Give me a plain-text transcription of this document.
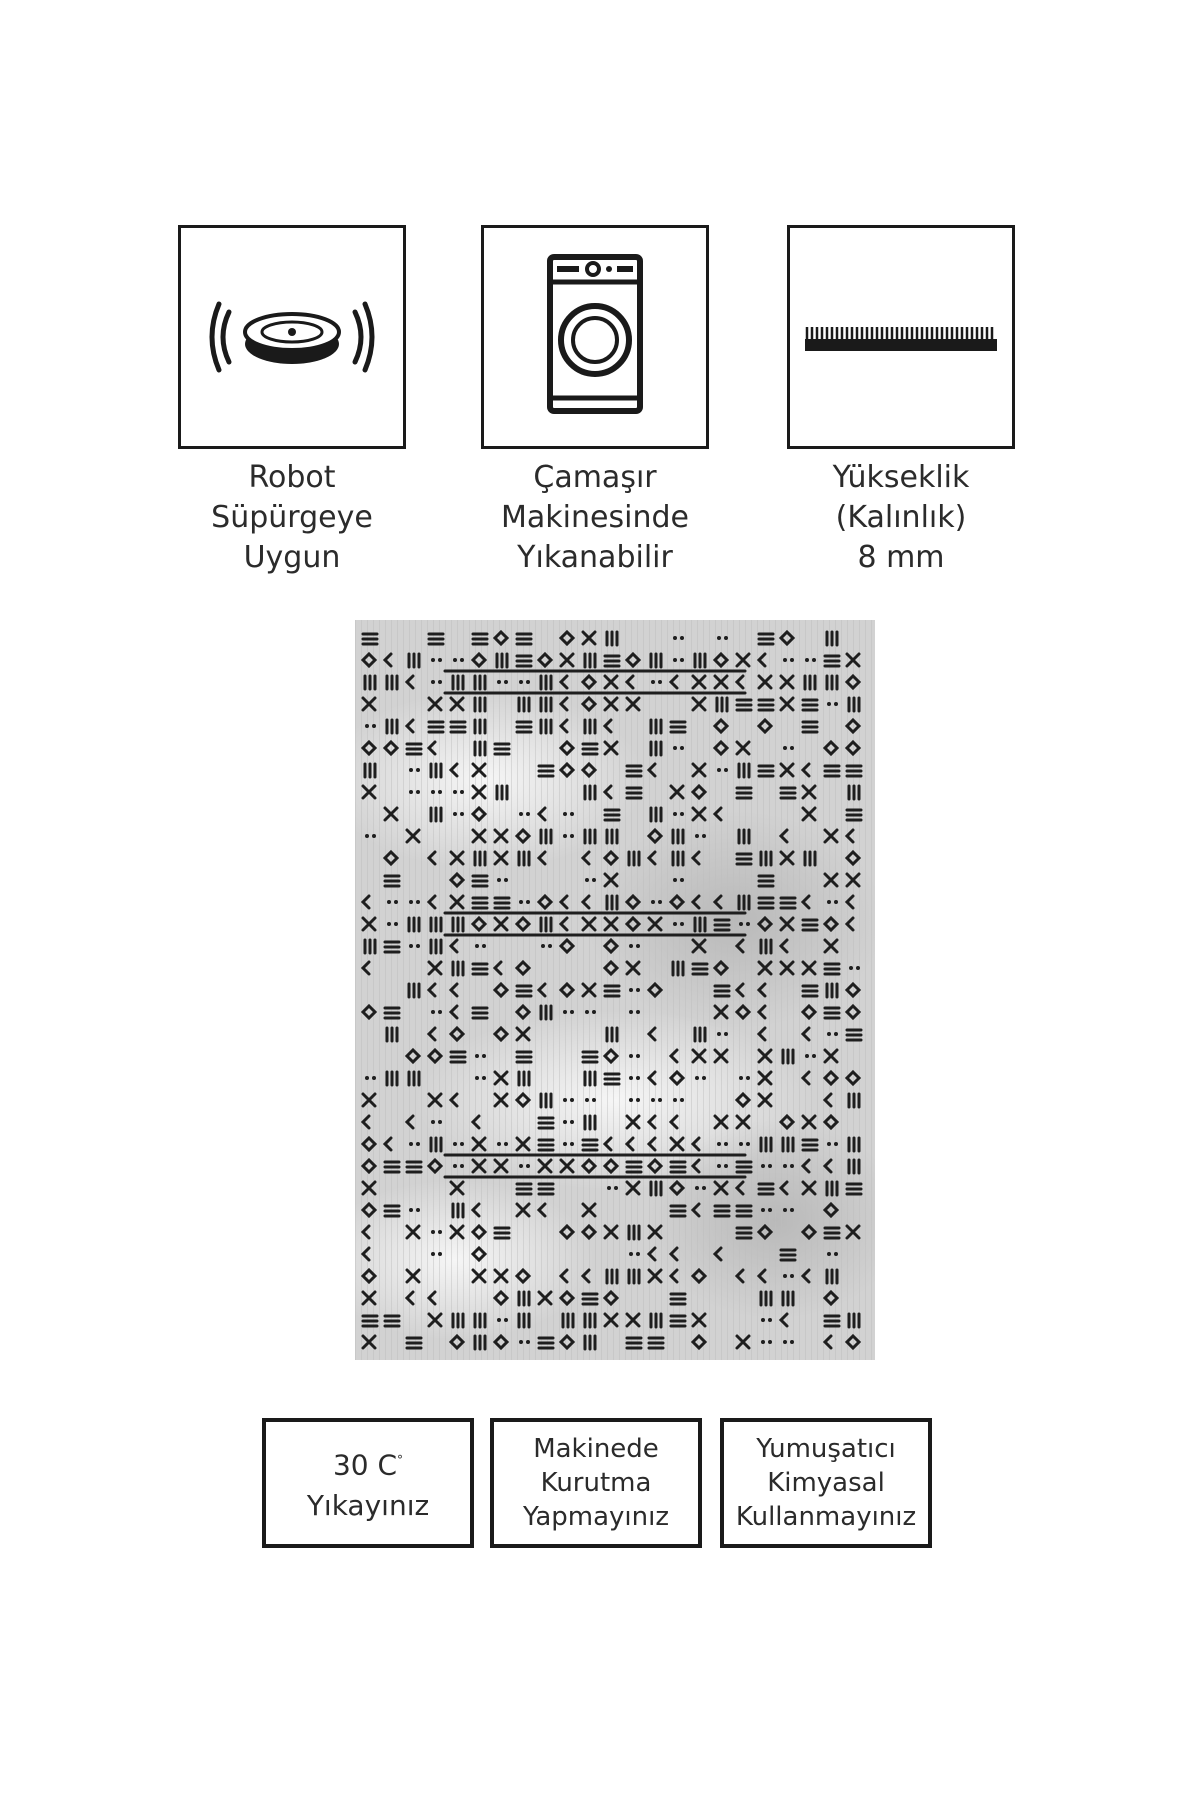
Robot
Süpürgeye
Uygun
Çamaşır
Makinesinde
Yıkanabilir
Yükseklik
(Kalınlık)
8 mm
30 C°
Yıkayınız
Makinede
Kurutma
Yapmayınız
Yumuşatıcı
Kimyasal
Kullanmayınız
